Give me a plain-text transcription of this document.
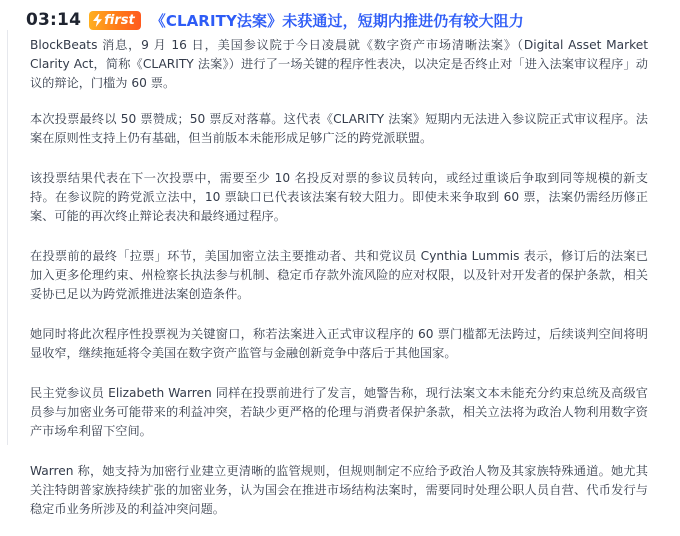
03:14 first 《CLARITY法案》未获通过，短期内推进仍有较大阻力

BlockBeats 消息，9 月 16 日，美国参议院于今日凌晨就《数字资产市场清晰法案》（Digital Asset Market Clarity Act，简称《CLARITY 法案》）进行了一场关键的程序性表决，以决定是否终止对「进入法案审议程序」动议的辩论，门槛为 60 票。

本次投票最终以 50 票赞成；50 票反对落幕。这代表《CLARITY 法案》短期内无法进入参议院正式审议程序。法案在原则性支持上仍有基础，但当前版本未能形成足够广泛的跨党派联盟。

该投票结果代表在下一次投票中，需要至少 10 名投反对票的参议员转向，或经过重谈后争取到同等规模的新支持。在参议院的跨党派立法中，10 票缺口已代表该法案有较大阻力。即使未来争取到 60 票，法案仍需经历修正案、可能的再次终止辩论表决和最终通过程序。

在投票前的最终「拉票」环节，美国加密立法主要推动者、共和党议员 Cynthia Lummis 表示，修订后的法案已加入更多伦理约束、州检察长执法参与机制、稳定币存款外流风险的应对权限，以及针对开发者的保护条款，相关妥协已足以为跨党派推进法案创造条件。

她同时将此次程序性投票视为关键窗口，称若法案进入正式审议程序的 60 票门槛都无法跨过，后续谈判空间将明显收窄，继续拖延将令美国在数字资产监管与金融创新竞争中落后于其他国家。

民主党参议员 Elizabeth Warren 同样在投票前进行了发言，她警告称，现行法案文本未能充分约束总统及高级官员参与加密业务可能带来的利益冲突，若缺少更严格的伦理与消费者保护条款，相关立法将为政治人物利用数字资产市场牟利留下空间。

Warren 称，她支持为加密行业建立更清晰的监管规则，但规则制定不应给予政治人物及其家族特殊通道。她尤其关注特朗普家族持续扩张的加密业务，认为国会在推进市场结构法案时，需要同时处理公职人员自营、代币发行与稳定币业务所涉及的利益冲突问题。
